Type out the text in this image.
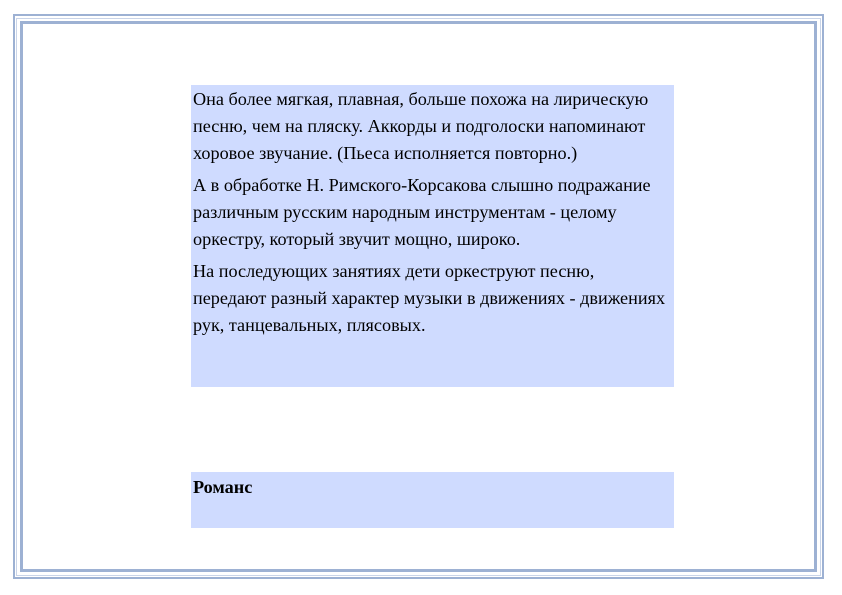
Она более мягкая, плавная, больше похожа на лирическую песню, чем на пляску. Аккорды и подголоски напоминают хоровое звучание. (Пьеса исполняется повторно.)

А в обработке Н. Римского-Корсакова слышно подражание различным русским народным инструментам - целому оркестру, который звучит мощно, широко.

На последующих занятиях дети оркеструют песню, передают разный характер музыки в движениях - движениях рук, танцевальных, плясовых.

Романс
